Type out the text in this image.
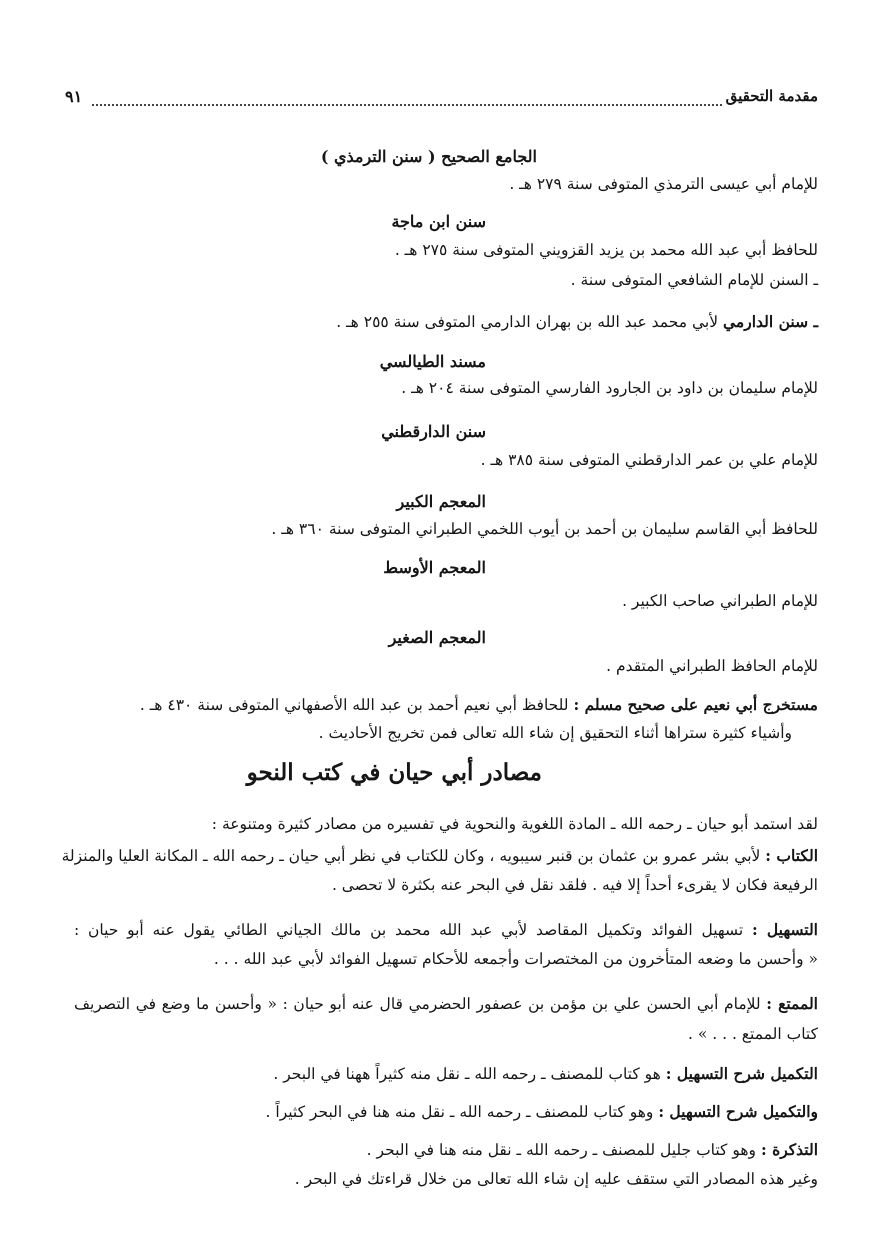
مقدمة التحقيق
٩١
الجامع الصحيح ( سنن الترمذي )
للإمام أبي عيسى الترمذي المتوفى سنة ٢٧٩ هـ .
سنن ابن ماجة
للحافظ أبي عبد الله محمد بن يزيد القزويني المتوفى سنة ٢٧٥ هـ .
ـ السنن للإمام الشافعي المتوفى سنة .
ـ سنن الدارمي لأبي محمد عبد الله بن بهران الدارمي المتوفى سنة ٢٥٥ هـ .
مسند الطيالسي
للإمام سليمان بن داود بن الجارود الفارسي المتوفى سنة ٢٠٤ هـ .
سنن الدارقطني
للإمام علي بن عمر الدارقطني المتوفى سنة ٣٨٥ هـ .
المعجم الكبير
للحافظ أبي القاسم سليمان بن أحمد بن أيوب اللخمي الطبراني المتوفى سنة ٣٦٠ هـ .
المعجم الأوسط
للإمام الطبراني صاحب الكبير .
المعجم الصغير
للإمام الحافظ الطبراني المتقدم .
مستخرج أبي نعيم على صحيح مسلم : للحافظ أبي نعيم أحمد بن عبد الله الأصفهاني المتوفى سنة ٤٣٠ هـ .
وأشياء كثيرة ستراها أثناء التحقيق إن شاء الله تعالى فمن تخريج الأحاديث .
مصادر أبي حيان في كتب النحو
لقد استمد أبو حيان ـ رحمه الله ـ المادة اللغوية والنحوية في تفسيره من مصادر كثيرة ومتنوعة :
الكتاب : لأبي بشر عمرو بن عثمان بن قنبر سيبويه ، وكان للكتاب في نظر أبي حيان ـ رحمه الله ـ المكانة العليا والمنزلة
الرفيعة فكان لا يقرىء أحداً إلا فيه . فلقد نقل في البحر عنه بكثرة لا تحصى .
التسهيل : تسهيل الفوائد وتكميل المقاصد لأبي عبد الله محمد بن مالك الجياني الطائي يقول عنه أبو حيان :
« وأحسن ما وضعه المتأخرون من المختصرات وأجمعه للأحكام تسهيل الفوائد لأبي عبد الله . . .
الممتع : للإمام أبي الحسن علي بن مؤمن بن عصفور الحضرمي قال عنه أبو حيان : « وأحسن ما وضع في التصريف
كتاب الممتع . . . » .
التكميل شرح التسهيل : هو كتاب للمصنف ـ رحمه الله ـ نقل منه كثيراً ههنا في البحر .
والتكميل شرح التسهيل : وهو كتاب للمصنف ـ رحمه الله ـ نقل منه هنا في البحر كثيراً .
التذكرة : وهو كتاب جليل للمصنف ـ رحمه الله ـ نقل منه هنا في البحر .
وغير هذه المصادر التي ستقف عليه إن شاء الله تعالى من خلال قراءتك في البحر .
